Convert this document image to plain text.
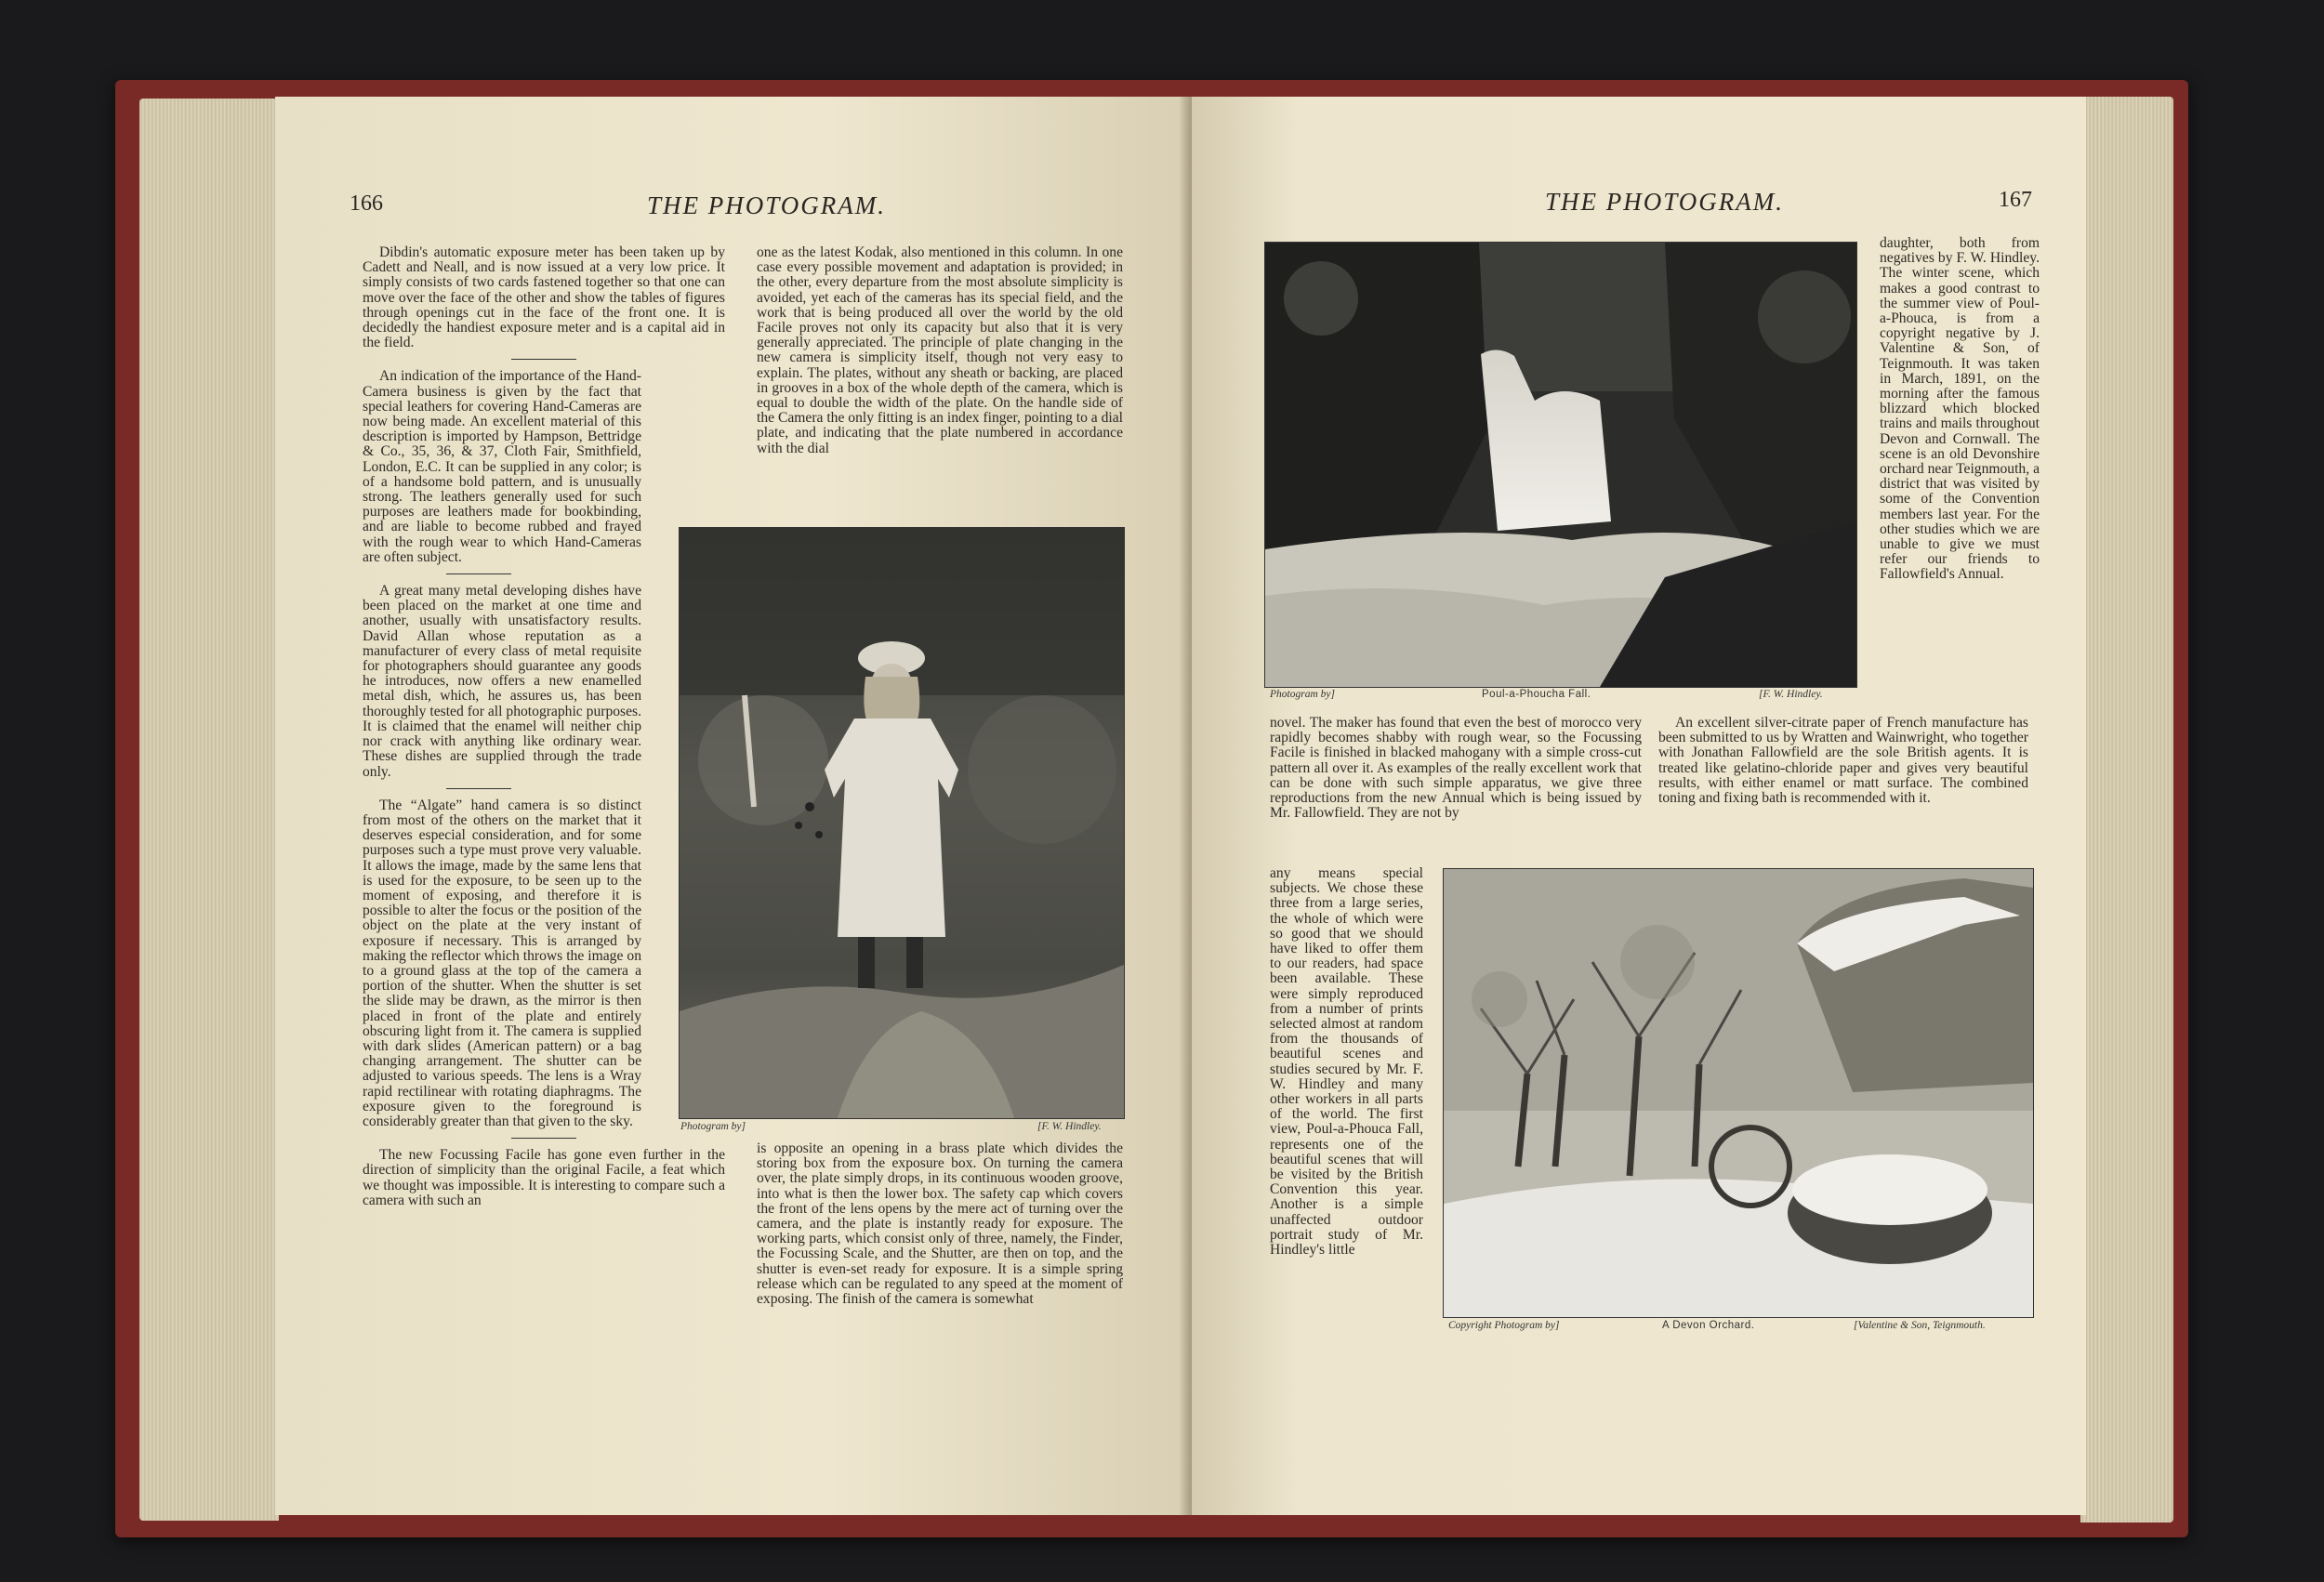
166	THE PHOTOGRAM.

Dibdin's automatic exposure meter has been taken up by Cadett and Neall, and is now issued at a very low price. It simply consists of two cards fastened together so that one can move over the face of the other and show the tables of figures through openings cut in the face of the front one. It is decidedly the handiest exposure meter and is a capital aid in the field.

An indication of the importance of the Hand-Camera business is given by the fact that special leathers for covering Hand-Cameras are now being made. An excellent material of this description is imported by Hampson, Bettridge & Co., 35, 36, & 37, Cloth Fair, Smithfield, London, E.C. It can be supplied in any color; is of a handsome bold pattern, and is unusually strong. The leathers generally used for such purposes are leathers made for bookbinding, and are liable to become rubbed and frayed with the rough wear to which Hand-Cameras are often subject.

A great many metal developing dishes have been placed on the market at one time and another, usually with unsatisfactory results. David Allan whose reputation as a manufacturer of every class of metal requisite for photographers should guarantee any goods he introduces, now offers a new enamelled metal dish, which, he assures us, has been thoroughly tested for all photographic purposes. It is claimed that the enamel will neither chip nor crack with anything like ordinary wear. These dishes are supplied through the trade only.

The “Algate” hand camera is so distinct from most of the others on the market that it deserves especial consideration, and for some purposes such a type must prove very valuable. It allows the image, made by the same lens that is used for the exposure, to be seen up to the moment of exposing, and therefore it is possible to alter the focus or the position of the object on the plate at the very instant of exposure if necessary. This is arranged by making the reflector which throws the image on to a ground glass at the top of the camera a portion of the shutter. When the shutter is set the slide may be drawn, as the mirror is then placed in front of the plate and entirely obscuring light from it. The camera is supplied with dark slides (American pattern) or a bag changing arrangement. The shutter can be adjusted to various speeds. The lens is a Wray rapid rectilinear with rotating diaphragms. The exposure given to the foreground is considerably greater than that given to the sky.

The new Focussing Facile has gone even further in the direction of simplicity than the original Facile, a feat which we thought was impossible. It is interesting to compare such a camera with such an

one as the latest Kodak, also mentioned in this column. In one case every possible movement and adaptation is provided; in the other, every departure from the most absolute simplicity is avoided, yet each of the cameras has its special field, and the work that is being produced all over the world by the old Facile proves not only its capacity but also that it is very generally appreciated. The principle of plate changing in the new camera is simplicity itself, though not very easy to explain. The plates, without any sheath or backing, are placed in grooves in a box of the whole depth of the camera, which is equal to double the width of the plate. On the handle side of the Camera the only fitting is an index finger, pointing to a dial plate, and indicating that the plate numbered in accordance with the dial

Photogram by]	[F. W. Hindley.

is opposite an opening in a brass plate which divides the storing box from the exposure box. On turning the camera over, the plate simply drops, in its continuous wooden groove, into what is then the lower box. The safety cap which covers the front of the lens opens by the mere act of turning over the camera, and the plate is instantly ready for exposure. The working parts, which consist only of three, namely, the Finder, the Focussing Scale, and the Shutter, are then on top, and the shutter is even-set ready for exposure. It is a simple spring release which can be regulated to any speed at the moment of exposing. The finish of the camera is somewhat

THE PHOTOGRAM.	167
Photogram by]	Poul-a-Phoucha Fall.	[F. W. Hindley.

daughter, both from negatives by F. W. Hindley. The winter scene, which makes a good contrast to the summer view of Poul-a-Phouca, is from a copyright negative by J. Valentine & Son, of Teignmouth. It was taken in March, 1891, on the morning after the famous blizzard which blocked trains and mails throughout Devon and Cornwall. The scene is an old Devonshire orchard near Teignmouth, a district that was visited by some of the Convention members last year. For the other studies which we are unable to give we must refer our friends to Fallowfield's Annual.

novel. The maker has found that even the best of morocco very rapidly becomes shabby with rough wear, so the Focussing Facile is finished in blacked mahogany with a simple cross-cut pattern all over it. As examples of the really excellent work that can be done with such simple apparatus, we give three reproductions from the new Annual which is being issued by Mr. Fallowfield. They are not by

any means special subjects. We chose these three from a large series, the whole of which were so good that we should have liked to offer them to our readers, had space been available. These were simply reproduced from a number of prints selected almost at random from the thousands of beautiful scenes and studies secured by Mr. F. W. Hindley and many other workers in all parts of the world. The first view, Poul-a-Phouca Fall, represents one of the beautiful scenes that will be visited by the British Convention this year. Another is a simple unaffected outdoor portrait study of Mr. Hindley's little

An excellent silver-citrate paper of French manufacture has been submitted to us by Wratten and Wainwright, who together with Jonathan Fallowfield are the sole British agents. It is treated like gelatino-chloride paper and gives very beautiful results, with either enamel or matt surface. The combined toning and fixing bath is recommended with it.

Copyright Photogram by]	A Devon Orchard.	[Valentine & Son, Teignmouth.
